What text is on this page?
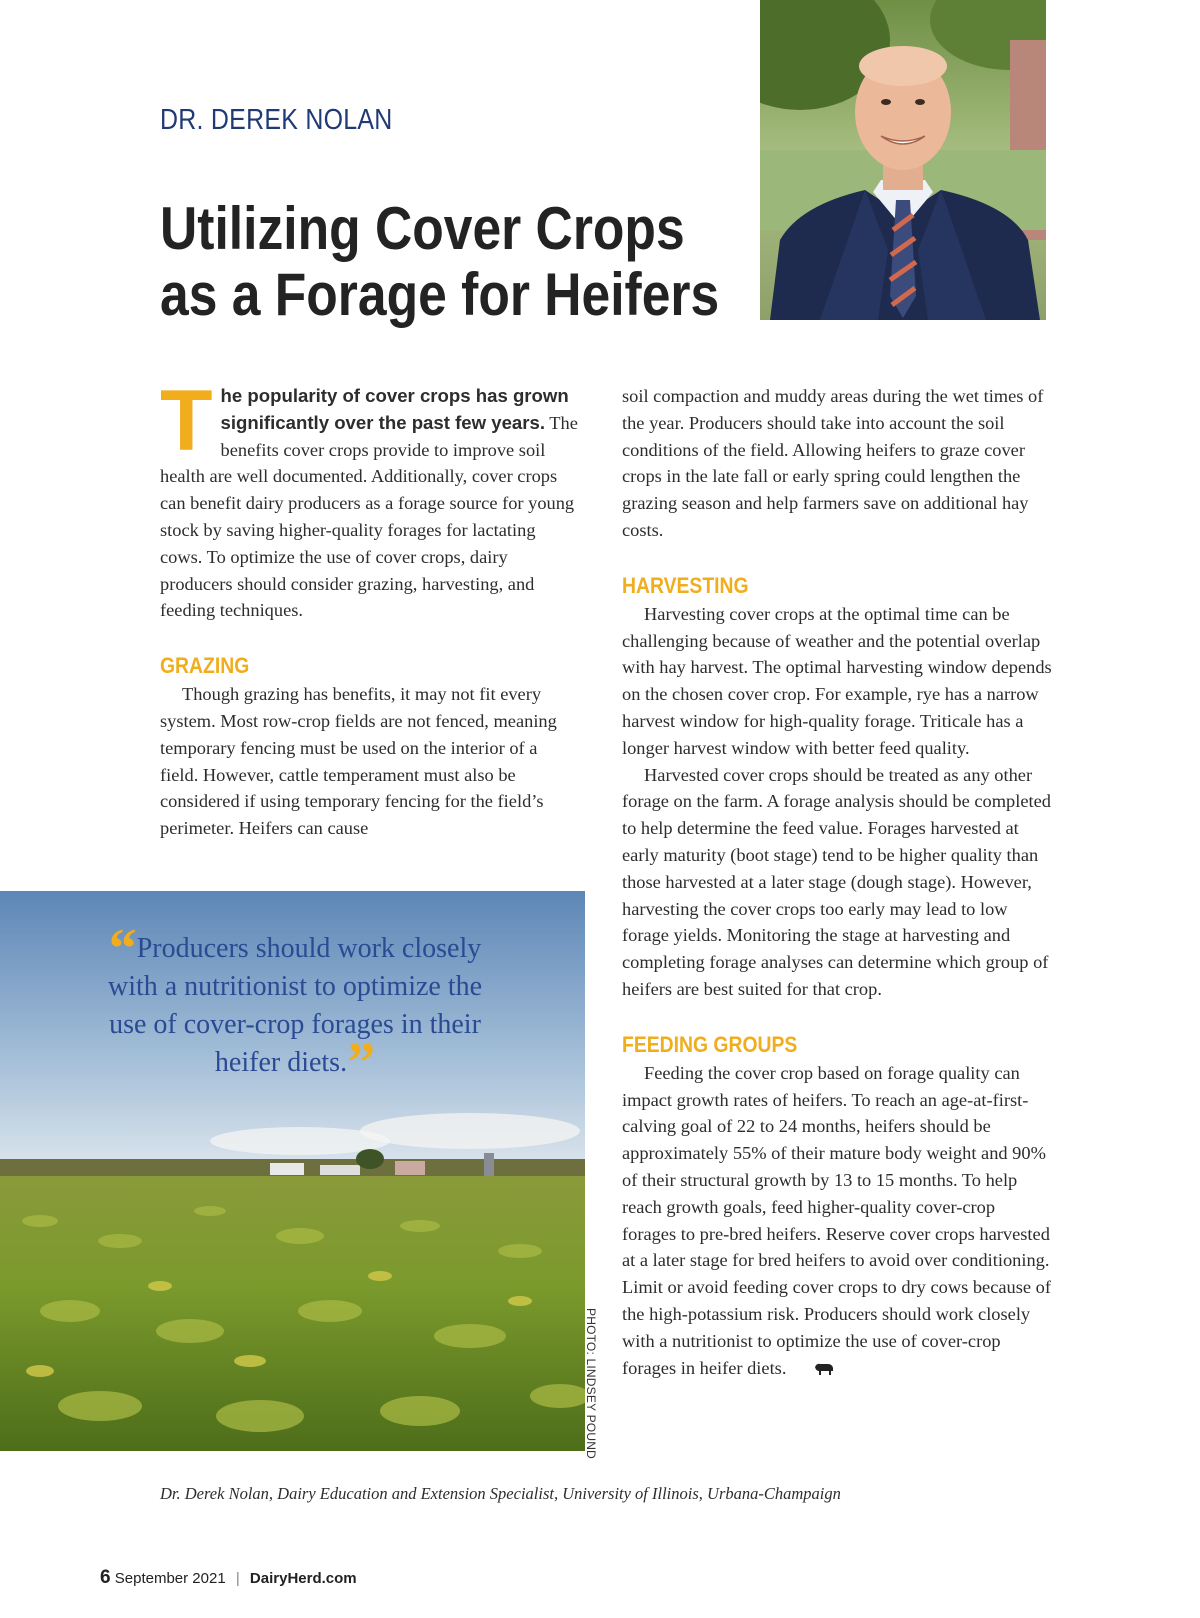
DR. DEREK NOLAN
Utilizing Cover Crops
as a Forage for Heifers

The popularity of cover crops has grown significantly over the past few years. The benefits cover crops provide to improve soil health are well documented. Additionally, cover crops can benefit dairy producers as a forage source for young stock by saving higher-quality forages for lactating cows. To optimize the use of cover crops, dairy producers should consider grazing, harvesting, and feeding techniques.

GRAZING

Though grazing has benefits, it may not fit every system. Most row-crop fields are not fenced, meaning temporary fencing must be used on the interior of a field. However, cattle temperament must also be considered if using temporary fencing for the field’s perimeter. Heifers can cause

soil compaction and muddy areas during the wet times of the year. Producers should take into account the soil conditions of the field. Allowing heifers to graze cover crops in the late fall or early spring could lengthen the grazing season and help farmers save on additional hay costs.

HARVESTING

Harvesting cover crops at the optimal time can be challenging because of weather and the potential overlap with hay harvest. The optimal harvesting window depends on the chosen cover crop. For example, rye has a narrow harvest window for high-quality forage. Triticale has a longer harvest window with better feed quality.

Harvested cover crops should be treated as any other forage on the farm. A forage analysis should be completed to help determine the feed value. Forages harvested at early maturity (boot stage) tend to be higher quality than those harvested at a later stage (dough stage). However, harvesting the cover crops too early may lead to low forage yields. Monitoring the stage at harvesting and completing forage analyses can determine which group of heifers are best suited for that crop.

FEEDING GROUPS

Feeding the cover crop based on forage quality can impact growth rates of heifers. To reach an age-at-first-calving goal of 22 to 24 months, heifers should be approximately 55% of their mature body weight and 90% of their structural growth by 13 to 15 months. To help reach growth goals, feed higher-quality cover-crop forages to pre-bred heifers. Reserve cover crops harvested at a later stage for bred heifers to avoid over conditioning. Limit or avoid feeding cover crops to dry cows because of the high-potassium risk. Producers should work closely with a nutritionist to optimize the use of cover-crop forages in heifer diets.

“Producers should work closely with a nutritionist to optimize the use of cover-crop forages in their heifer diets.”
PHOTO: LINDSEY POUND
Dr. Derek Nolan, Dairy Education and Extension Specialist, University of Illinois, Urbana-Champaign
6 September 2021 | DairyHerd.com
